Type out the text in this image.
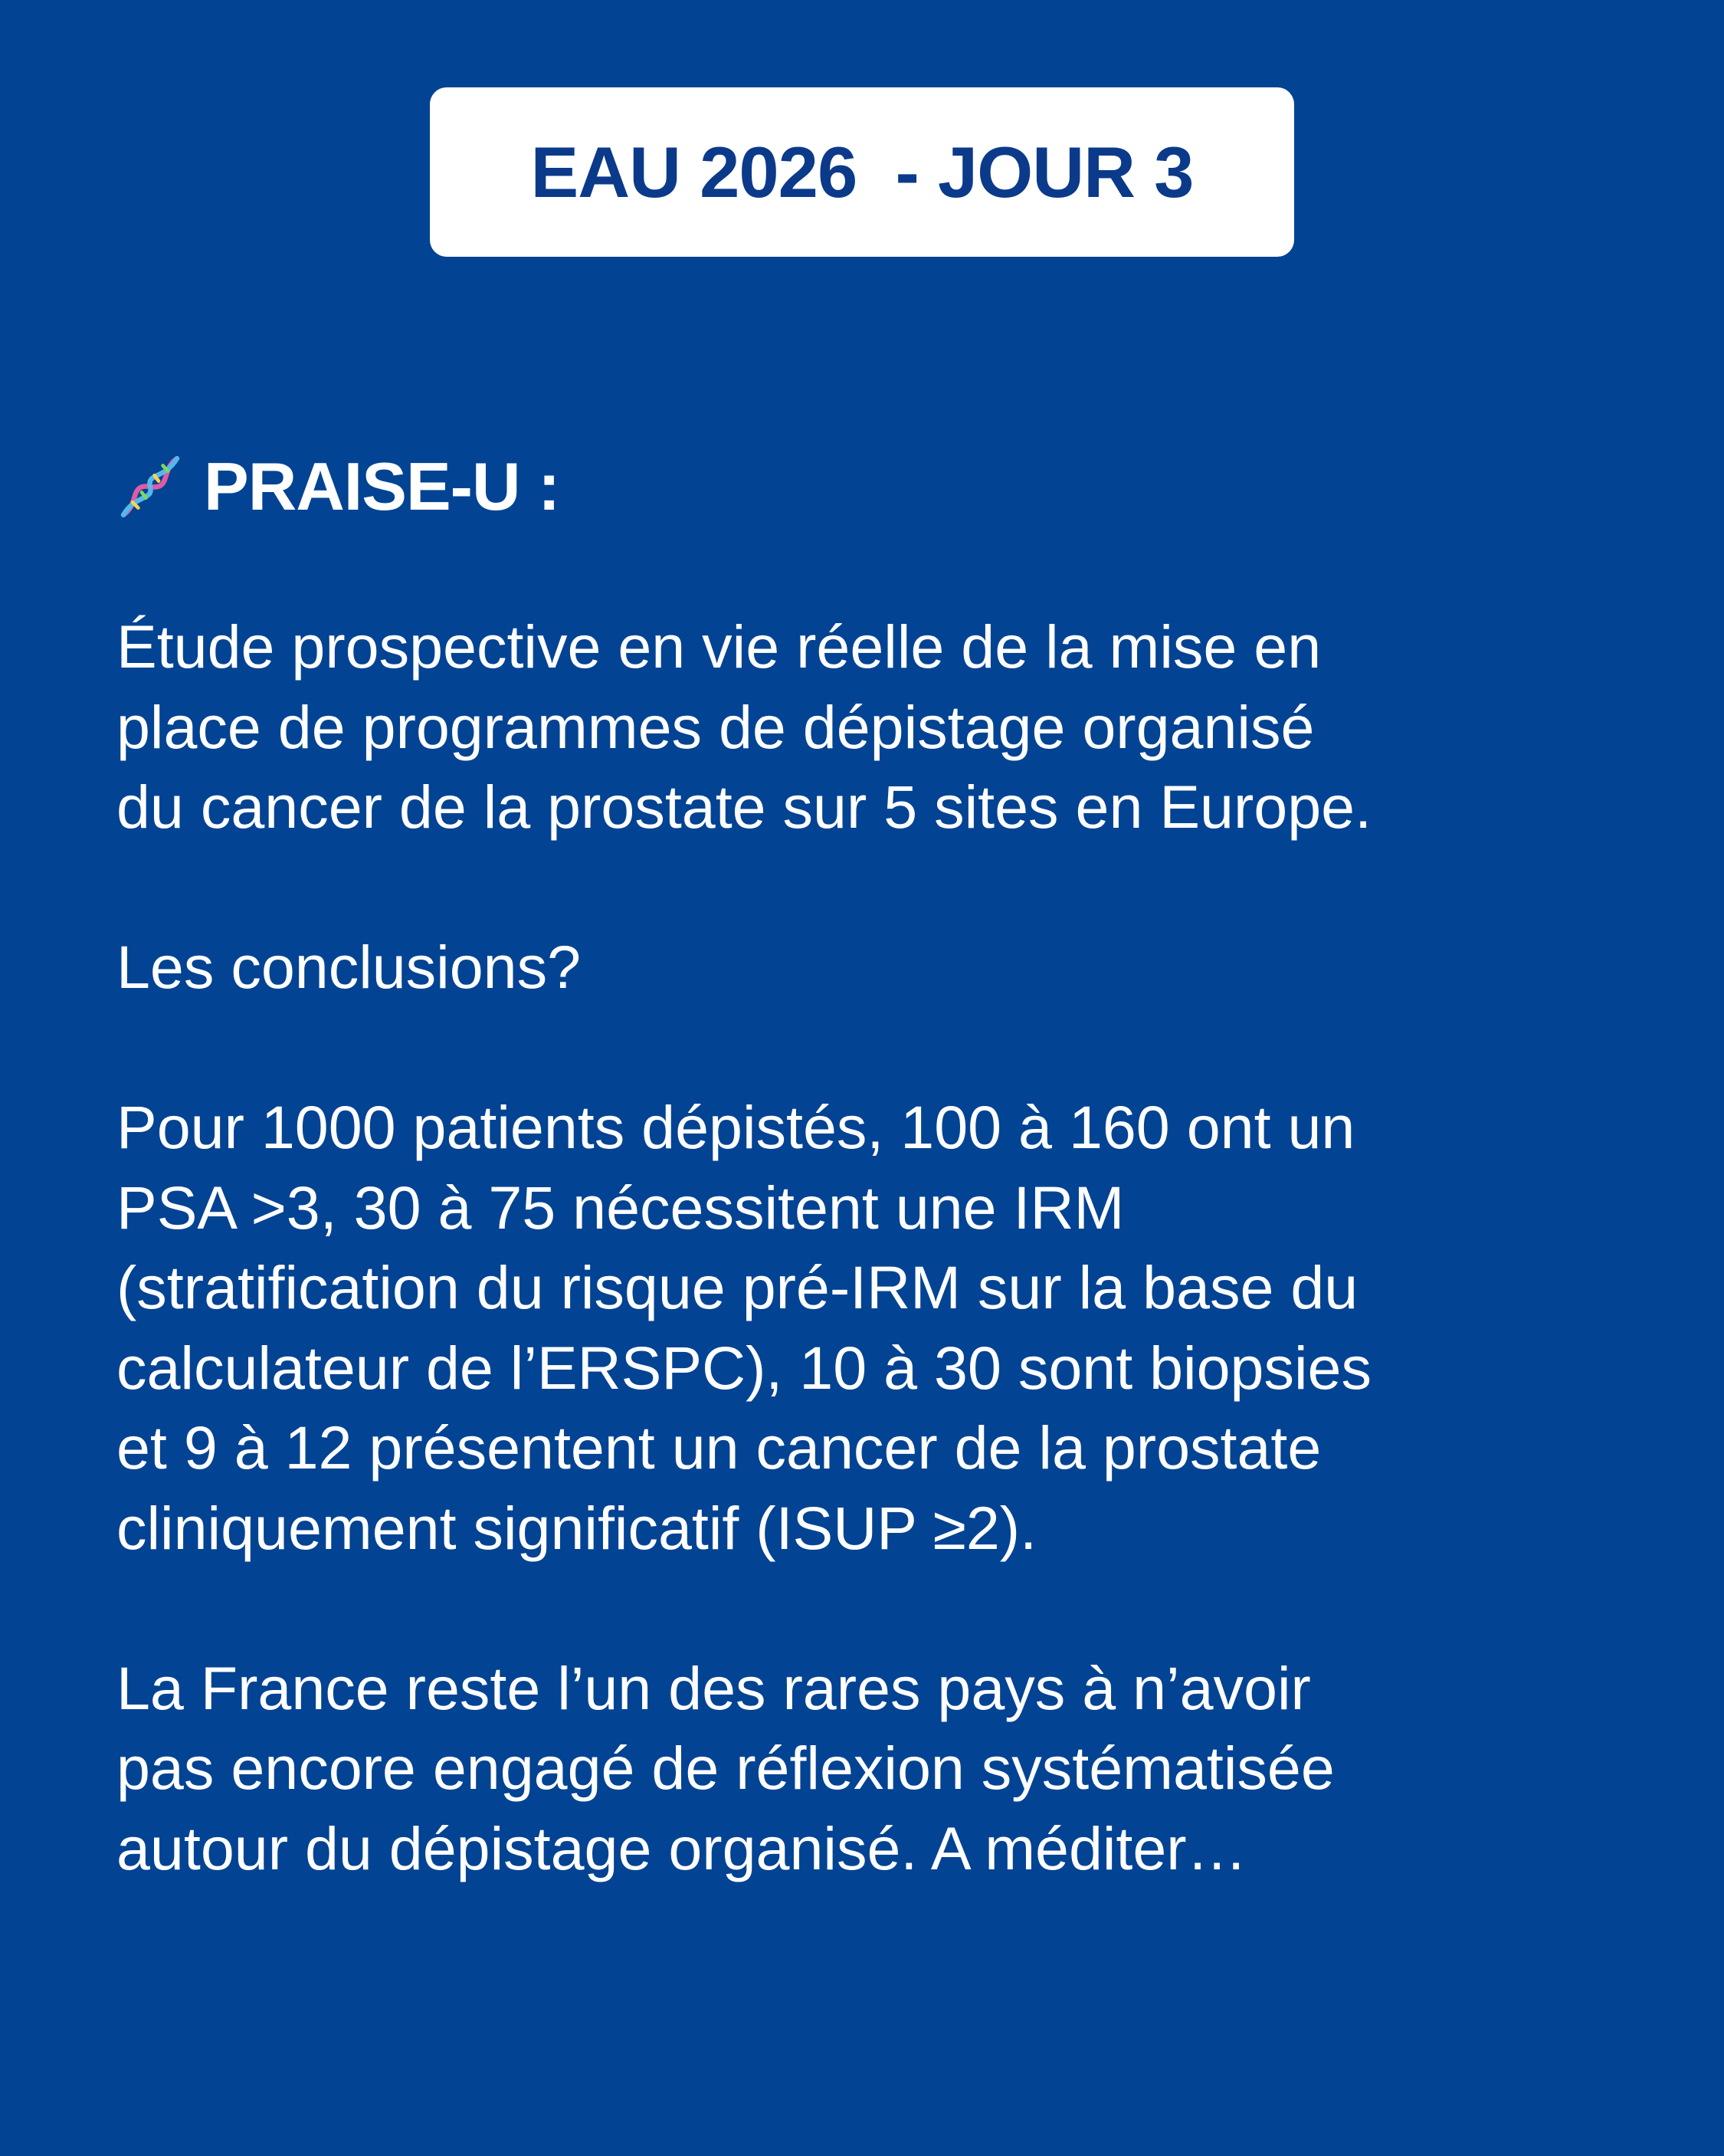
EAU 2026  - JOUR 3
PRAISE-U :

Étude prospective en vie réelle de la mise en
place de programmes de dépistage organisé
du cancer de la prostate sur 5 sites en Europe.

Les conclusions?

Pour 1000 patients dépistés, 100 à 160 ont un
PSA >3, 30 à 75 nécessitent une IRM
(stratification du risque pré-IRM sur la base du
calculateur de l’ERSPC), 10 à 30 sont biopsies
et 9 à 12 présentent un cancer de la prostate
cliniquement significatif (ISUP ≥2).

La France reste l’un des rares pays à n’avoir
pas encore engagé de réflexion systématisée
autour du dépistage organisé. A méditer…
